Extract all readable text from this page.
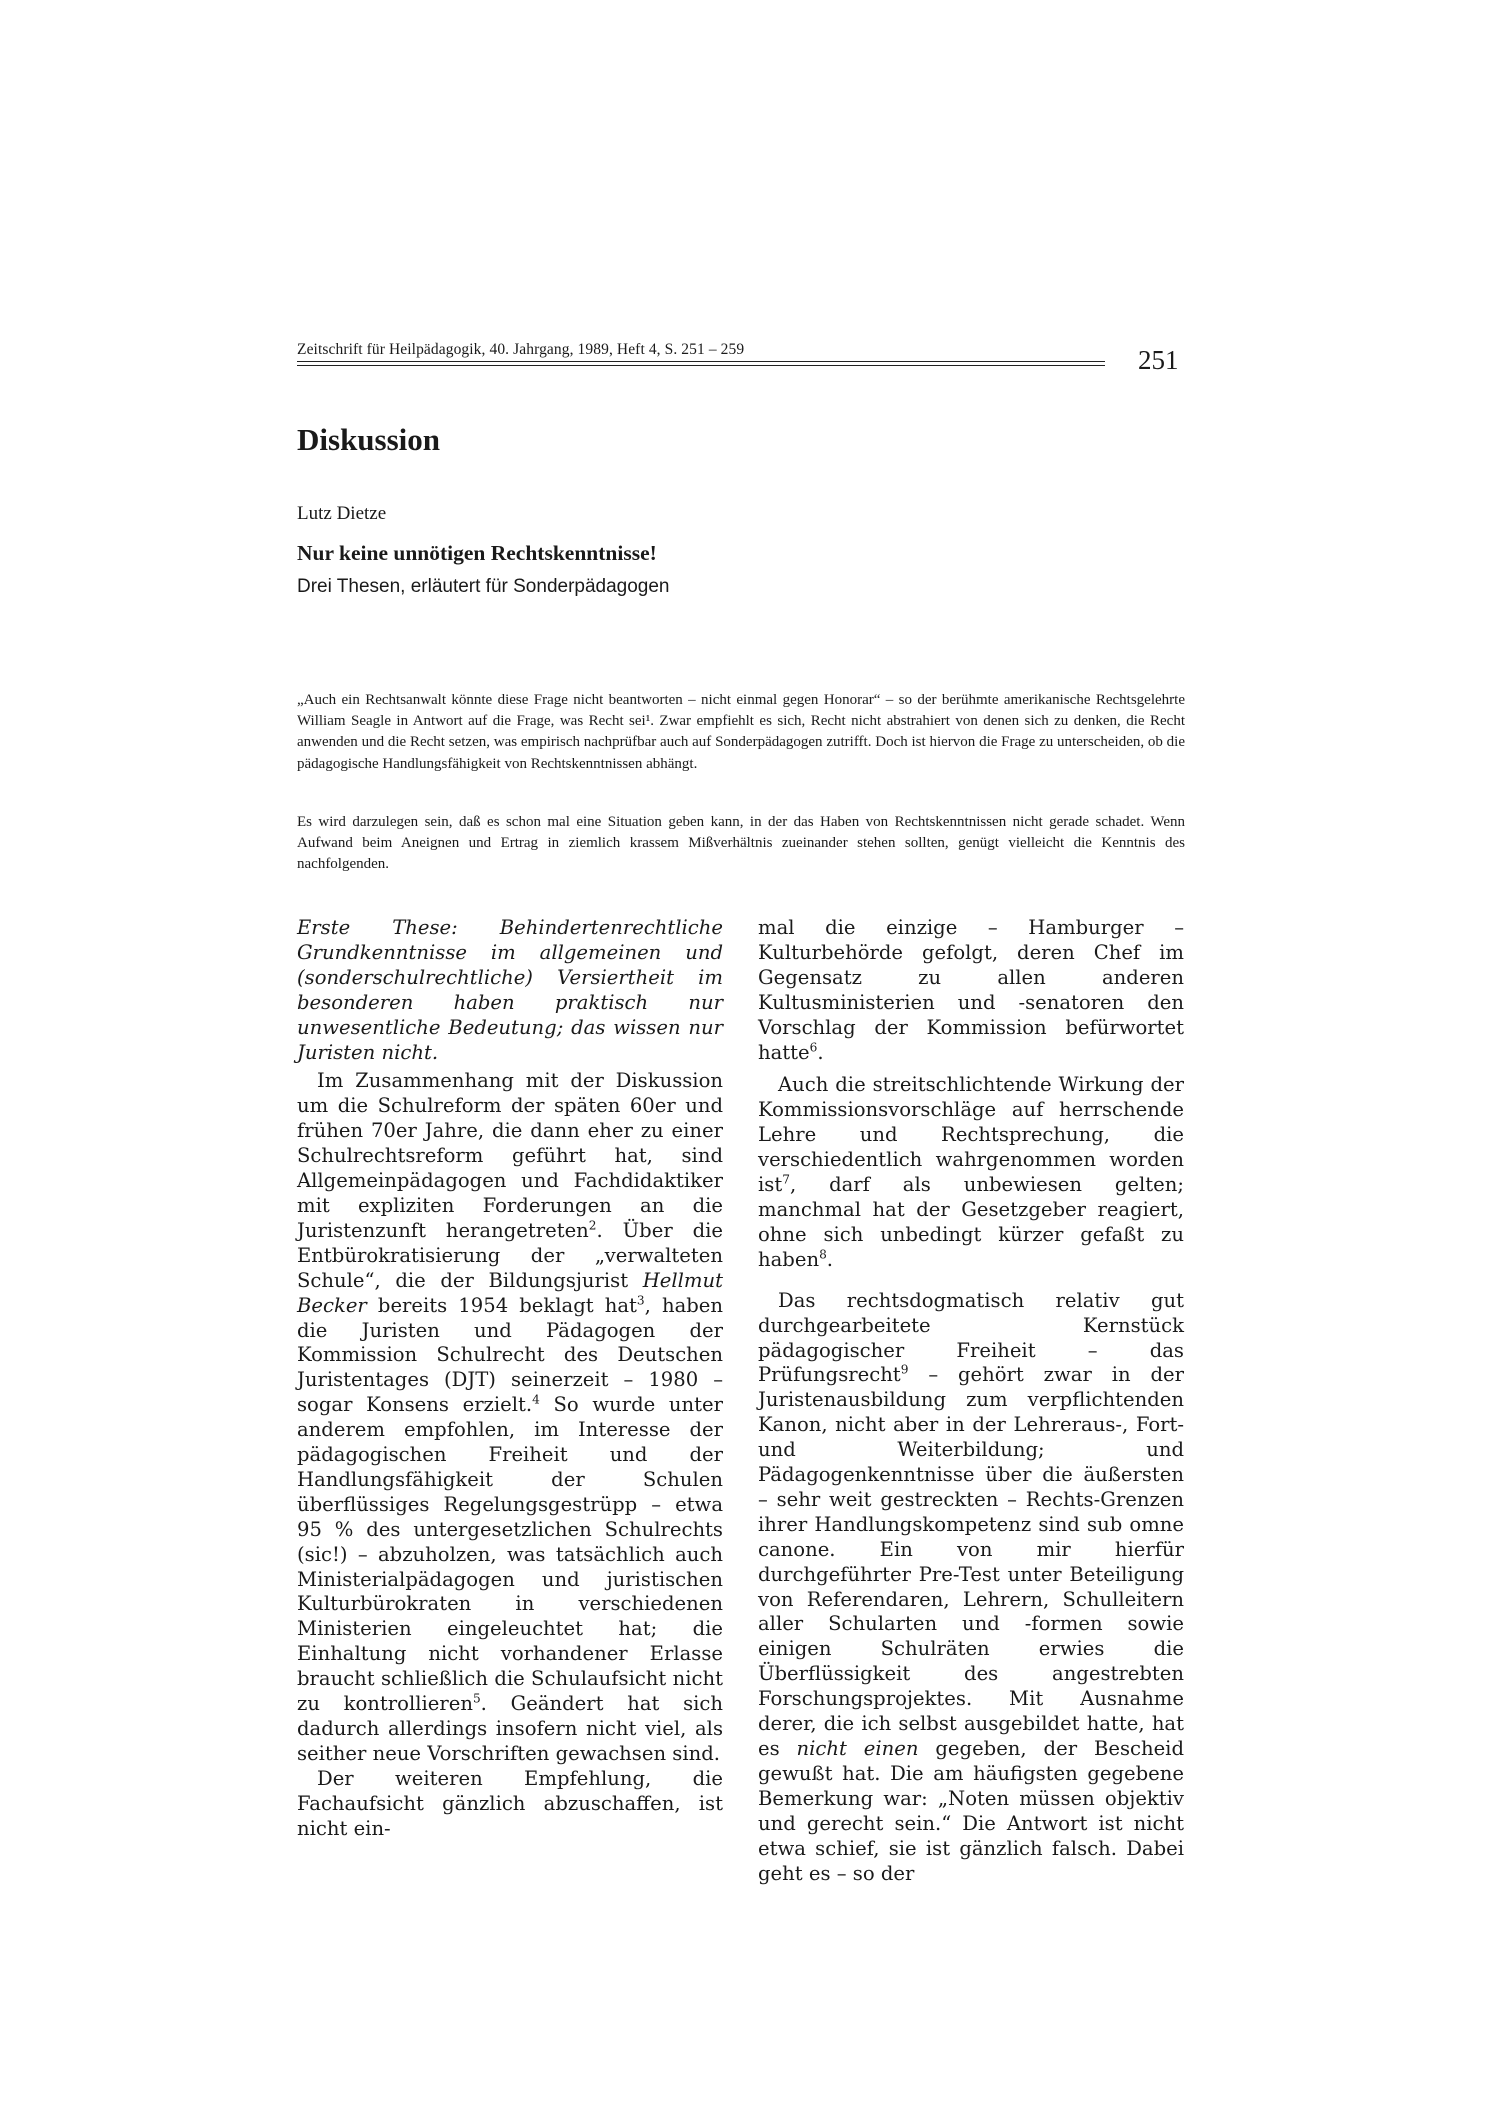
Zeitschrift für Heilpädagogik, 40. Jahrgang, 1989, Heft 4, S. 251 – 259	251
Diskussion
Lutz Dietze
Nur keine unnötigen Rechtskenntnisse!
Drei Thesen, erläutert für Sonderpädagogen
„Auch ein Rechtsanwalt könnte diese Frage nicht beantworten – nicht einmal gegen Honorar“ – so der berühmte amerikanische Rechtsgelehrte William Seagle in Antwort auf die Frage, was Recht sei¹. Zwar empfiehlt es sich, Recht nicht abstrahiert von denen sich zu denken, die Recht anwenden und die Recht setzen, was empirisch nachprüfbar auch auf Sonderpädagogen zutrifft. Doch ist hiervon die Frage zu unterscheiden, ob die pädagogische Handlungsfähigkeit von Rechtskenntnissen abhängt.
Es wird darzulegen sein, daß es schon mal eine Situation geben kann, in der das Haben von Rechtskenntnissen nicht gerade schadet. Wenn Aufwand beim Aneignen und Ertrag in ziemlich krassem Mißverhältnis zueinander stehen sollten, genügt vielleicht die Kenntnis des nachfolgenden.

Erste These: Behindertenrechtliche Grundkenntnisse im allgemeinen und (sonderschulrechtliche) Versiertheit im besonderen haben praktisch nur unwesentliche Bedeutung; das wissen nur Juristen nicht.

Im Zusammenhang mit der Diskussion um die Schulreform der späten 60er und frühen 70er Jahre, die dann eher zu einer Schulrechtsreform geführt hat, sind Allgemeinpädagogen und Fachdidaktiker mit expliziten Forderungen an die Juristenzunft herangetreten$^2$. Über die Entbürokratisierung der „verwalteten Schule“, die der Bildungsjurist Hellmut Becker bereits 1954 beklagt hat$^3$, haben die Juristen und Pädagogen der Kommission Schulrecht des Deutschen Juristentages (DJT) seinerzeit – 1980 – sogar Konsens erzielt.$^4$ So wurde unter anderem empfohlen, im Interesse der pädagogischen Freiheit und der Handlungsfähigkeit der Schulen überflüssiges Regelungsgestrüpp – etwa 95 % des untergesetzlichen Schulrechts (sic!) – abzuholzen, was tatsächlich auch Ministerialpädagogen und juristischen Kulturbürokraten in verschiedenen Ministerien eingeleuchtet hat; die Einhaltung nicht vorhandener Erlasse braucht schließlich die Schulaufsicht nicht zu kontrollieren$^5$. Geändert hat sich dadurch allerdings insofern nicht viel, als seither neue Vorschriften gewachsen sind.

Der weiteren Empfehlung, die Fachaufsicht gänzlich abzuschaffen, ist nicht ein-

mal die einzige – Hamburger – Kulturbehörde gefolgt, deren Chef im Gegensatz zu allen anderen Kultusministerien und -senatoren den Vorschlag der Kommission befürwortet hatte$^6$.

Auch die streitschlichtende Wirkung der Kommissionsvorschläge auf herrschende Lehre und Rechtsprechung, die verschiedentlich wahrgenommen worden ist$^7$, darf als unbewiesen gelten; manchmal hat der Gesetzgeber reagiert, ohne sich unbedingt kürzer gefaßt zu haben$^8$.

Das rechtsdogmatisch relativ gut durchgearbeitete Kernstück pädagogischer Freiheit – das Prüfungsrecht$^9$ – gehört zwar in der Juristenausbildung zum verpflichtenden Kanon, nicht aber in der Lehreraus-, Fort- und Weiterbildung; und Pädagogenkenntnisse über die äußersten – sehr weit gestreckten – Rechts-Grenzen ihrer Handlungskompetenz sind sub omne canone. Ein von mir hierfür durchgeführter Pre-Test unter Beteiligung von Referendaren, Lehrern, Schulleitern aller Schularten und -formen sowie einigen Schulräten erwies die Überflüssigkeit des angestrebten Forschungsprojektes. Mit Ausnahme derer, die ich selbst ausgebildet hatte, hat es nicht einen gegeben, der Bescheid gewußt hat. Die am häufigsten gegebene Bemerkung war: „Noten müssen objektiv und gerecht sein.“ Die Antwort ist nicht etwa schief, sie ist gänzlich falsch. Dabei geht es – so der
